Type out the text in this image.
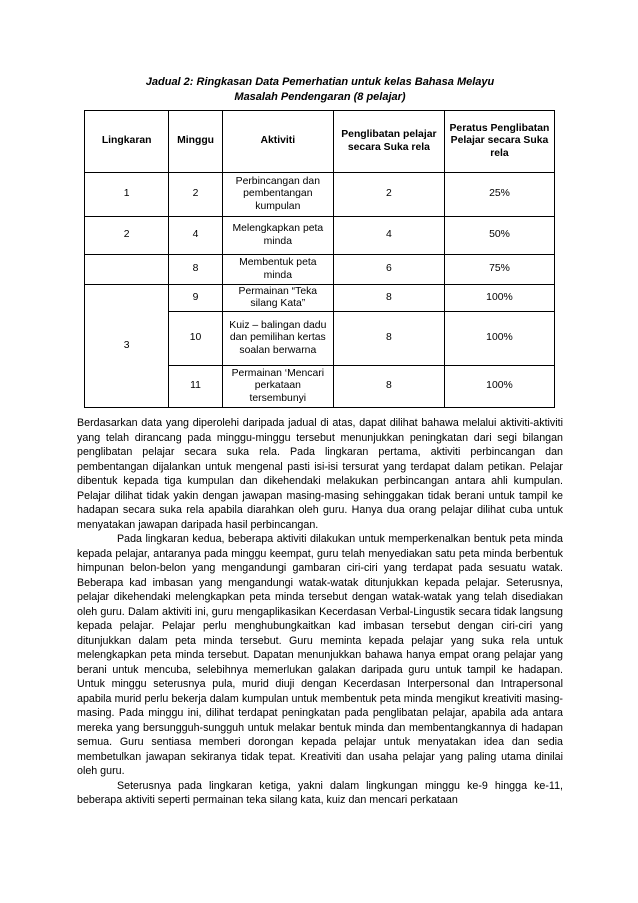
Jadual 2: Ringkasan Data Pemerhatian untuk kelas Bahasa Melayu
Masalah Pendengaran (8 pelajar)
Lingkaran	Minggu	Aktiviti	Penglibatan pelajar secara Suka rela	Peratus Penglibatan Pelajar secara Suka rela
1	2	Perbincangan dan pembentangan kumpulan	2	25%
2	4	Melengkapkan peta minda	4	50%
	8	Membentuk peta minda	6	75%
3	9	Permainan “Teka silang Kata”	8	100%
	10	Kuiz – balingan dadu dan pemilihan kertas soalan berwarna	8	100%
	11	Permainan ‘Mencari perkataan tersembunyi	8	100%

Berdasarkan data yang diperolehi daripada jadual di atas, dapat dilihat bahawa melalui aktiviti-aktiviti yang telah dirancang pada minggu-minggu tersebut menunjukkan peningkatan dari segi bilangan penglibatan pelajar secara suka rela. Pada lingkaran pertama, aktiviti perbincangan dan pembentangan dijalankan untuk mengenal pasti isi-isi tersurat yang terdapat dalam petikan. Pelajar dibentuk kepada tiga kumpulan dan dikehendaki melakukan perbincangan antara ahli kumpulan. Pelajar dilihat tidak yakin dengan jawapan masing-masing sehinggakan tidak berani untuk tampil ke hadapan secara suka rela apabila diarahkan oleh guru. Hanya dua orang pelajar dilihat cuba untuk menyatakan jawapan daripada hasil perbincangan.

Pada lingkaran kedua, beberapa aktiviti dilakukan untuk memperkenalkan bentuk peta minda kepada pelajar, antaranya pada minggu keempat, guru telah menyediakan satu peta minda berbentuk himpunan belon-belon yang mengandungi gambaran ciri-ciri yang terdapat pada sesuatu watak. Beberapa kad imbasan yang mengandungi watak-watak ditunjukkan kepada pelajar. Seterusnya, pelajar dikehendaki melengkapkan peta minda tersebut dengan watak-watak yang telah disediakan oleh guru. Dalam aktiviti ini, guru mengaplikasikan Kecerdasan Verbal-Lingustik secara tidak langsung kepada pelajar. Pelajar perlu menghubungkaitkan kad imbasan tersebut dengan ciri-ciri yang ditunjukkan dalam peta minda tersebut. Guru meminta kepada pelajar yang suka rela untuk melengkapkan peta minda tersebut. Dapatan menunjukkan bahawa hanya empat orang pelajar yang berani untuk mencuba, selebihnya memerlukan galakan daripada guru untuk tampil ke hadapan. Untuk minggu seterusnya pula, murid diuji dengan Kecerdasan Interpersonal dan Intrapersonal apabila murid perlu bekerja dalam kumpulan untuk membentuk peta minda mengikut kreativiti masing-masing. Pada minggu ini, dilihat terdapat peningkatan pada penglibatan pelajar, apabila ada antara mereka yang bersungguh-sungguh untuk melakar bentuk minda dan membentangkannya di hadapan semua. Guru sentiasa memberi dorongan kepada pelajar untuk menyatakan idea dan sedia membetulkan jawapan sekiranya tidak tepat. Kreativiti dan usaha pelajar yang paling utama dinilai oleh guru.

Seterusnya pada lingkaran ketiga, yakni dalam lingkungan minggu ke-9 hingga ke-11, beberapa aktiviti seperti permainan teka silang kata, kuiz dan mencari perkataan
